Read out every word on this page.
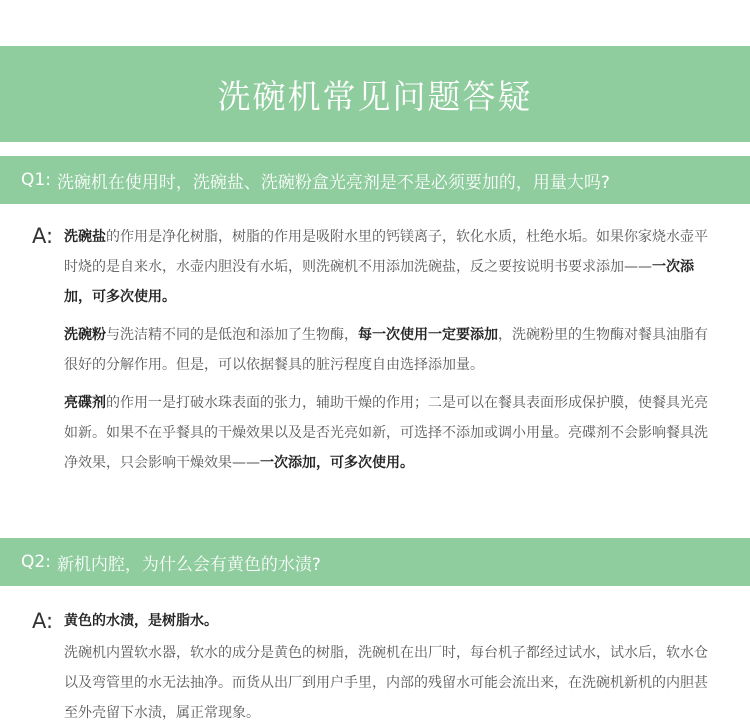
洗碗机常见问题答疑
Q1: 洗碗机在使用时，洗碗盐、洗碗粉盒光亮剂是不是必须要加的，用量大吗?
A: 洗碗盐的作用是净化树脂，树脂的作用是吸附水里的钙镁离子，软化水质，杜绝水垢。如果你家烧水壶平时烧的是自来水，水壶内胆没有水垢，则洗碗机不用添加洗碗盐，反之要按说明书要求添加——一次添加，可多次使用。

洗碗粉与洗洁精不同的是低泡和添加了生物酶，每一次使用一定要添加，洗碗粉里的生物酶对餐具油脂有很好的分解作用。但是，可以依据餐具的脏污程度自由选择添加量。

亮碟剂的作用一是打破水珠表面的张力，辅助干燥的作用；二是可以在餐具表面形成保护膜，使餐具光亮如新。如果不在乎餐具的干燥效果以及是否光亮如新，可选择不添加或调小用量。亮碟剂不会影响餐具洗净效果，只会影响干燥效果——一次添加，可多次使用。

Q2: 新机内腔，为什么会有黄色的水渍?
A: 黄色的水渍，是树脂水。

洗碗机内置软水器，软水的成分是黄色的树脂，洗碗机在出厂时，每台机子都经过试水，试水后，软水仓以及弯管里的水无法抽净。而货从出厂到用户手里，内部的残留水可能会流出来，在洗碗机新机的内胆甚至外壳留下水渍，属正常现象。
